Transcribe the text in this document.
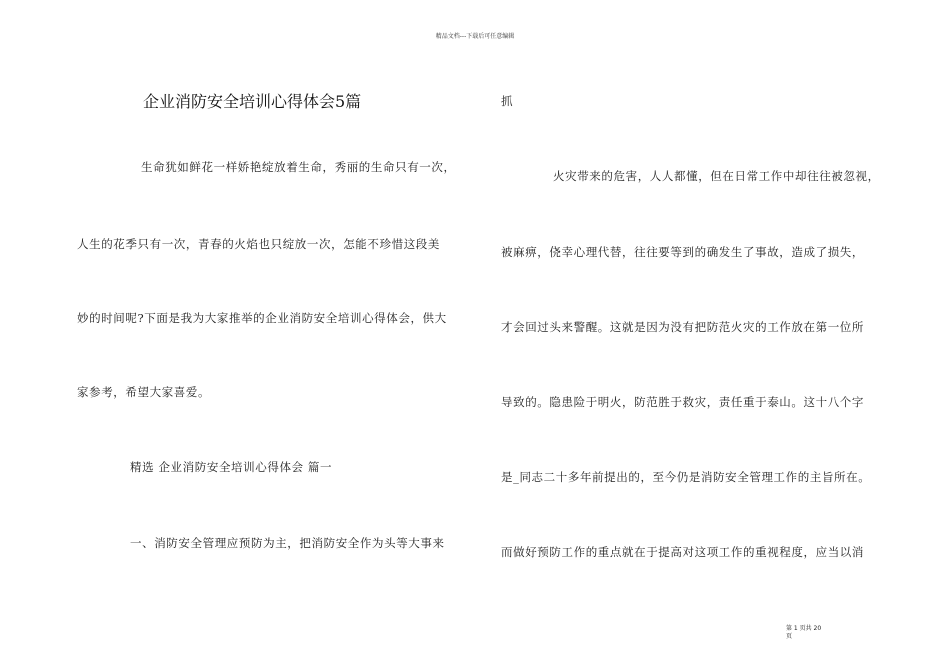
精品文档---下载后可任意编辑
企业消防安全培训心得体会5篇
生命犹如鲜花一样娇艳绽放着生命，秀丽的生命只有一次，
人生的花季只有一次，青春的火焰也只绽放一次，怎能不珍惜这段美
妙的时间呢?下面是我为大家推举的企业消防安全培训心得体会，供大
家参考，希望大家喜爱。
精选 企业消防安全培训心得体会 篇一
一、消防安全管理应预防为主，把消防安全作为头等大事来
抓
火灾带来的危害，人人都懂，但在日常工作中却往往被忽视，
被麻痹，侥幸心理代替，往往要等到的确发生了事故，造成了损失，
才会回过头来警醒。这就是因为没有把防范火灾的工作放在第一位所
导致的。隐患险于明火，防范胜于救灾，责任重于泰山。这十八个字
是_同志二十多年前提出的，至今仍是消防安全管理工作的主旨所在。
而做好预防工作的重点就在于提高对这项工作的重视程度，应当以消
第 1 页共 20
页
